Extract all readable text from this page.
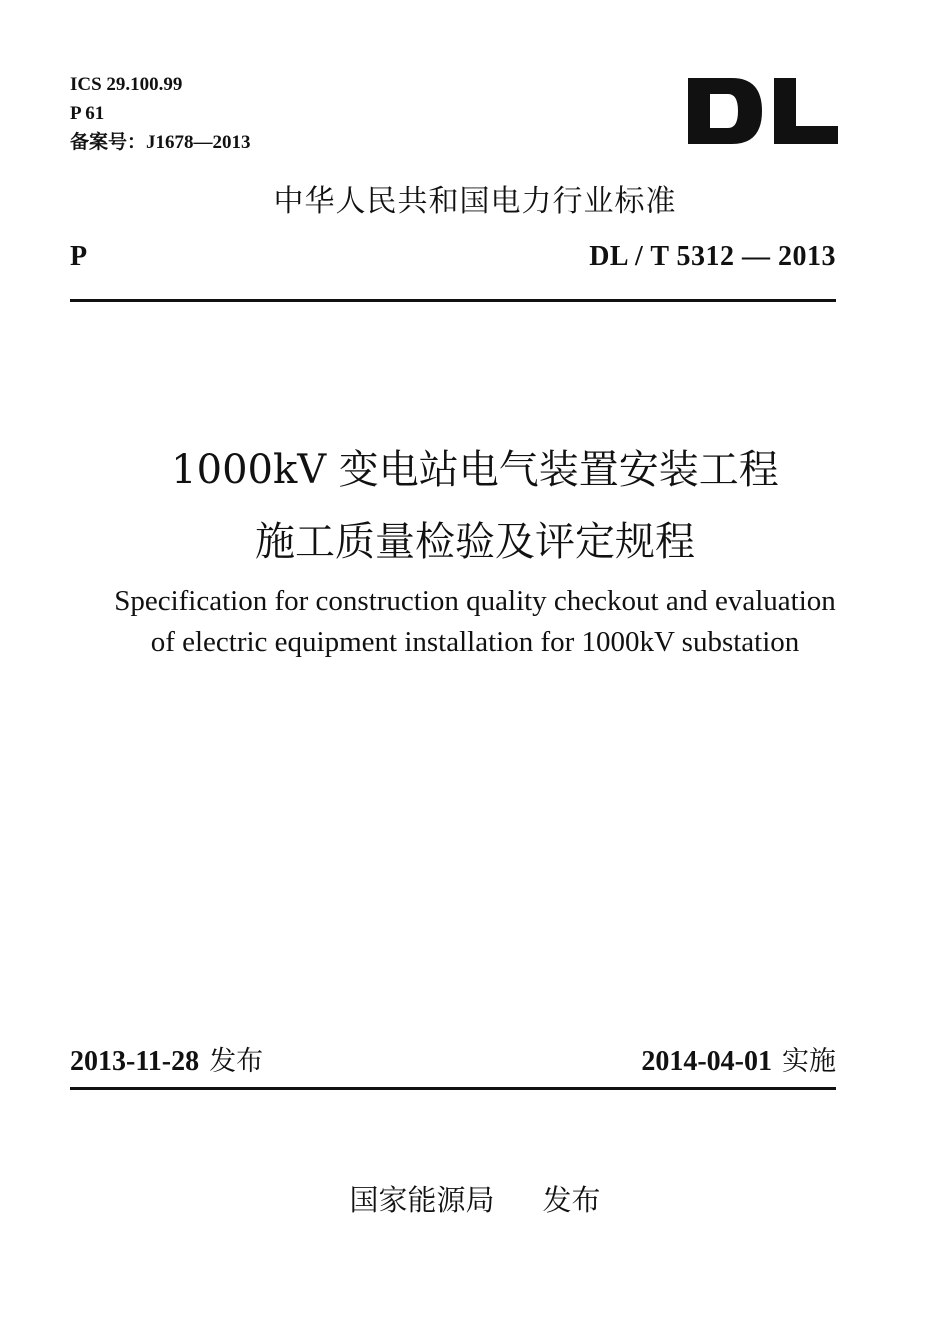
ICS 29.100.99
P 61
备案号：J1678—2013
中华人民共和国电力行业标准
P	DL / T 5312 — 2013
1000kV 变电站电气装置安装工程
施工质量检验及评定规程
Specification for construction quality checkout and evaluation
of electric equipment installation for 1000kV substation
2013-11-28 发布	2014-04-01 实施
国家能源局 发布
